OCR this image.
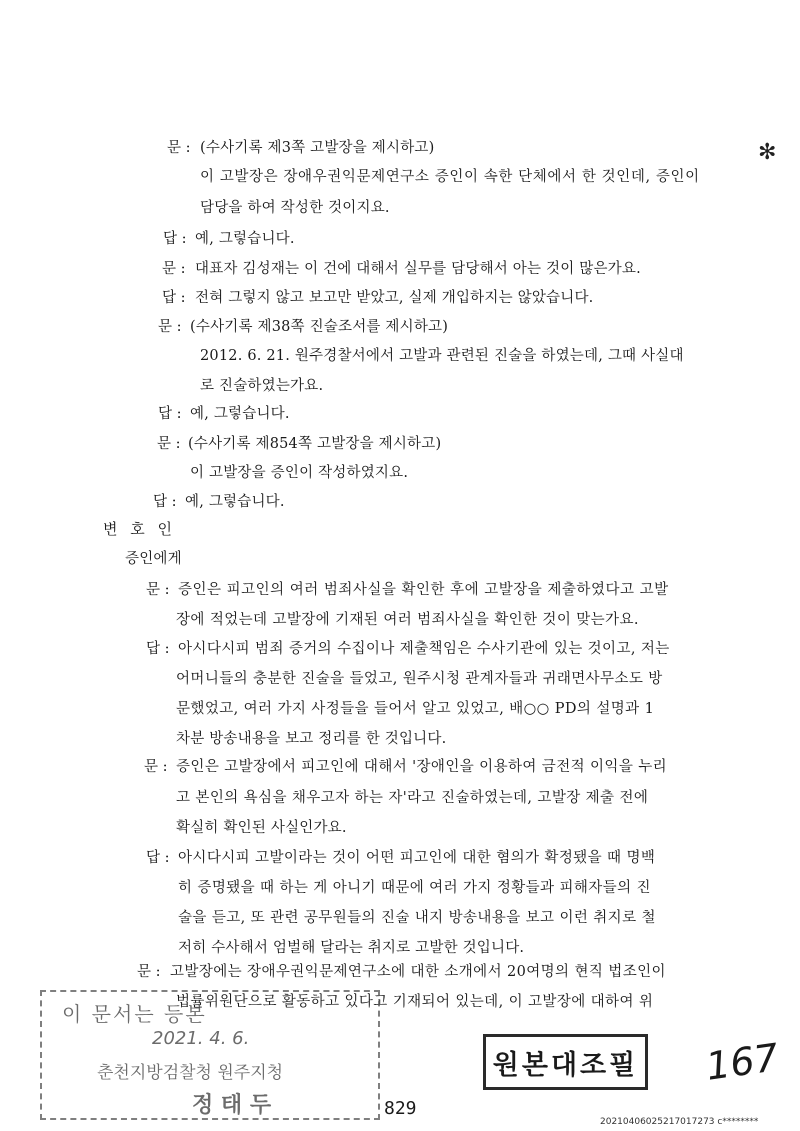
✻
문 : (수사기록 제3쪽 고발장을 제시하고)
이 고발장은 장애우권익문제연구소 증인이 속한 단체에서 한 것인데, 증인이
담당을 하여 작성한 것이지요.
답 : 예, 그렇습니다.
문 : 대표자 김성재는 이 건에 대해서 실무를 담당해서 아는 것이 많은가요.
답 : 전혀 그렇지 않고 보고만 받았고, 실제 개입하지는 않았습니다.
문 : (수사기록 제38쪽 진술조서를 제시하고)
2012. 6. 21. 원주경찰서에서 고발과 관련된 진술을 하였는데, 그때 사실대
로 진술하였는가요.
답 : 예, 그렇습니다.
문 : (수사기록 제854쪽 고발장을 제시하고)
이 고발장을 증인이 작성하였지요.
답 : 예, 그렇습니다.
변 호 인
증인에게
문 : 증인은 피고인의 여러 범죄사실을 확인한 후에 고발장을 제출하였다고 고발
장에 적었는데 고발장에 기재된 여러 범죄사실을 확인한 것이 맞는가요.
답 : 아시다시피 범죄 증거의 수집이나 제출책임은 수사기관에 있는 것이고, 저는
어머니들의 충분한 진술을 들었고, 원주시청 관계자들과 귀래면사무소도 방
문했었고, 여러 가지 사정들을 들어서 알고 있었고, 배○○ PD의 설명과 1
차분 방송내용을 보고 정리를 한 것입니다.
문 : 증인은 고발장에서 피고인에 대해서 '장애인을 이용하여 금전적 이익을 누리
고 본인의 욕심을 채우고자 하는 자'라고 진술하였는데, 고발장 제출 전에
확실히 확인된 사실인가요.
답 : 아시다시피 고발이라는 것이 어떤 피고인에 대한 혐의가 확정됐을 때 명백
히 증명됐을 때 하는 게 아니기 때문에 여러 가지 정황들과 피해자들의 진
술을 듣고, 또 관련 공무원들의 진술 내지 방송내용을 보고 이런 취지로 철
저히 수사해서 엄벌해 달라는 취지로 고발한 것입니다.
문 : 고발장에는 장애우권익문제연구소에 대한 소개에서 20여명의 현직 법조인이
법률위원단으로 활동하고 있다고 기재되어 있는데, 이 고발장에 대하여 위
이 문서는 등본
2021. 4. 6.
춘천지방검찰청 원주지청
정 태 두
원본대조필 167
829
20210406025217017273 c********
